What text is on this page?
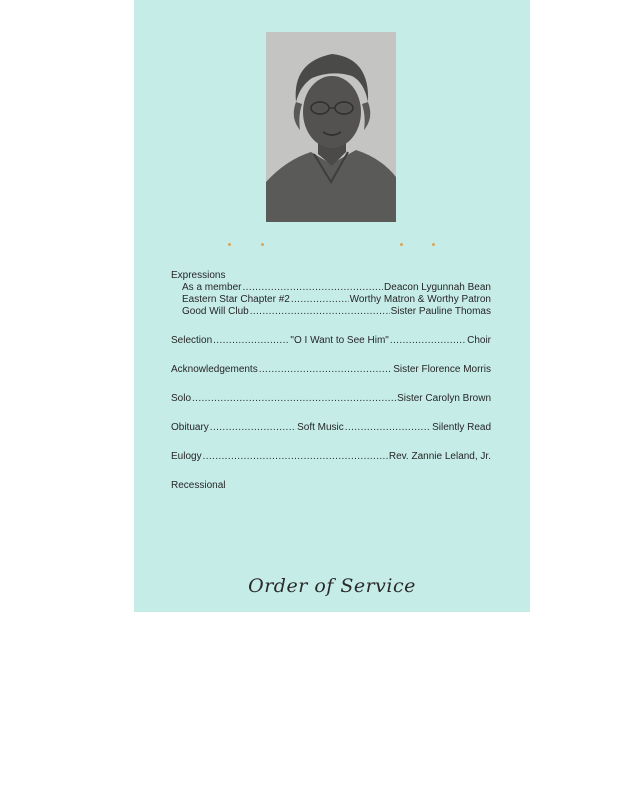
Expressions
As a member . . .	Deacon Lygunnah Bean
Eastern Star Chapter #2 . . .	Worthy Matron & Worthy Patron
Good Will Club . . .	Sister Pauline Thomas
Selection . . .	"O I Want to See Him" . . .	Choir
Acknowledgements . . .	Sister Florence Morris
Solo . . .	Sister Carolyn Brown
Obituary . . .	Soft Music . . .	Silently Read
Eulogy . . .	Rev. Zannie Leland, Jr.
Recessional
Order of Service
